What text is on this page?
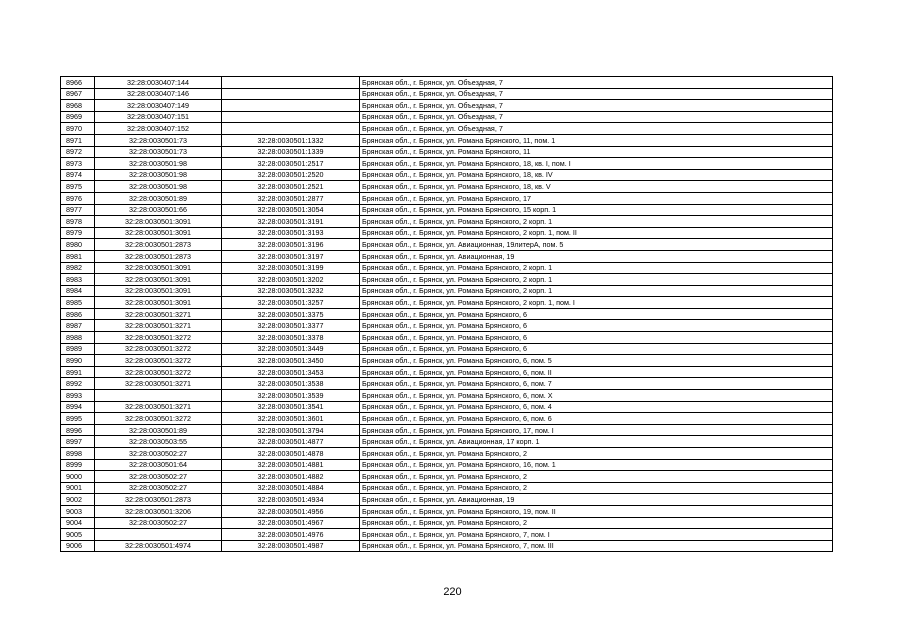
8966	32:28:0030407:144		Брянская обл., г. Брянск, ул. Объездная, 7
8967	32:28:0030407:146		Брянская обл., г. Брянск, ул. Объездная, 7
8968	32:28:0030407:149		Брянская обл., г. Брянск, ул. Объездная, 7
8969	32:28:0030407:151		Брянская обл., г. Брянск, ул. Объездная, 7
8970	32:28:0030407:152		Брянская обл., г. Брянск, ул. Объездная, 7
8971	32:28:0030501:73	32:28:0030501:1332	Брянская обл., г. Брянск, ул. Романа Брянского, 11, пом. 1
8972	32:28:0030501:73	32:28:0030501:1339	Брянская обл., г. Брянск, ул. Романа Брянского, 11
8973	32:28:0030501:98	32:28:0030501:2517	Брянская обл., г. Брянск, ул. Романа Брянского, 18, кв. I, пом. I
8974	32:28:0030501:98	32:28:0030501:2520	Брянская обл., г. Брянск, ул. Романа Брянского, 18, кв. IV
8975	32:28:0030501:98	32:28:0030501:2521	Брянская обл., г. Брянск, ул. Романа Брянского, 18, кв. V
8976	32:28:0030501:89	32:28:0030501:2877	Брянская обл., г. Брянск, ул. Романа Брянского, 17
8977	32:28:0030501:66	32:28:0030501:3054	Брянская обл., г. Брянск, ул. Романа Брянского, 15 корп. 1
8978	32:28:0030501:3091	32:28:0030501:3191	Брянская обл., г. Брянск, ул. Романа Брянского, 2 корп. 1
8979	32:28:0030501:3091	32:28:0030501:3193	Брянская обл., г. Брянск, ул. Романа Брянского, 2 корп. 1, пом. II
8980	32:28:0030501:2873	32:28:0030501:3196	Брянская обл., г. Брянск, ул. Авиационная, 19литерА, пом. 5
8981	32:28:0030501:2873	32:28:0030501:3197	Брянская обл., г. Брянск, ул. Авиационная, 19
8982	32:28:0030501:3091	32:28:0030501:3199	Брянская обл., г. Брянск, ул. Романа Брянского, 2 корп. 1
8983	32:28:0030501:3091	32:28:0030501:3202	Брянская обл., г. Брянск, ул. Романа Брянского, 2 корп. 1
8984	32:28:0030501:3091	32:28:0030501:3232	Брянская обл., г. Брянск, ул. Романа Брянского, 2 корп. 1
8985	32:28:0030501:3091	32:28:0030501:3257	Брянская обл., г. Брянск, ул. Романа Брянского, 2 корп. 1, пом. I
8986	32:28:0030501:3271	32:28:0030501:3375	Брянская обл., г. Брянск, ул. Романа Брянского, 6
8987	32:28:0030501:3271	32:28:0030501:3377	Брянская обл., г. Брянск, ул. Романа Брянского, 6
8988	32:28:0030501:3272	32:28:0030501:3378	Брянская обл., г. Брянск, ул. Романа Брянского, 6
8989	32:28:0030501:3272	32:28:0030501:3449	Брянская обл., г. Брянск, ул. Романа Брянского, 6
8990	32:28:0030501:3272	32:28:0030501:3450	Брянская обл., г. Брянск, ул. Романа Брянского, 6, пом. 5
8991	32:28:0030501:3272	32:28:0030501:3453	Брянская обл., г. Брянск, ул. Романа Брянского, 6, пом. II
8992	32:28:0030501:3271	32:28:0030501:3538	Брянская обл., г. Брянск, ул. Романа Брянского, 6, пом. 7
8993		32:28:0030501:3539	Брянская обл., г. Брянск, ул. Романа Брянского, 6, пом. X
8994	32:28:0030501:3271	32:28:0030501:3541	Брянская обл., г. Брянск, ул. Романа Брянского, 6, пом. 4
8995	32:28:0030501:3272	32:28:0030501:3601	Брянская обл., г. Брянск, ул. Романа Брянского, 6, пом. 6
8996	32:28:0030501:89	32:28:0030501:3794	Брянская обл., г. Брянск, ул. Романа Брянского, 17, пом. I
8997	32:28:0030503:55	32:28:0030501:4877	Брянская обл., г. Брянск, ул. Авиационная, 17 корп. 1
8998	32:28:0030502:27	32:28:0030501:4878	Брянская обл., г. Брянск, ул. Романа Брянского, 2
8999	32:28:0030501:64	32:28:0030501:4881	Брянская обл., г. Брянск, ул. Романа Брянского, 16, пом. 1
9000	32:28:0030502:27	32:28:0030501:4882	Брянская обл., г. Брянск, ул. Романа Брянского, 2
9001	32:28:0030502:27	32:28:0030501:4884	Брянская обл., г. Брянск, ул. Романа Брянского, 2
9002	32:28:0030501:2873	32:28:0030501:4934	Брянская обл., г. Брянск, ул. Авиационная, 19
9003	32:28:0030501:3206	32:28:0030501:4956	Брянская обл., г. Брянск, ул. Романа Брянского, 19, пом. II
9004	32:28:0030502:27	32:28:0030501:4967	Брянская обл., г. Брянск, ул. Романа Брянского, 2
9005		32:28:0030501:4976	Брянская обл., г. Брянск, ул. Романа Брянского, 7, пом. I
9006	32:28:0030501:4974	32:28:0030501:4987	Брянская обл., г. Брянск, ул. Романа Брянского, 7, пом. III
220
